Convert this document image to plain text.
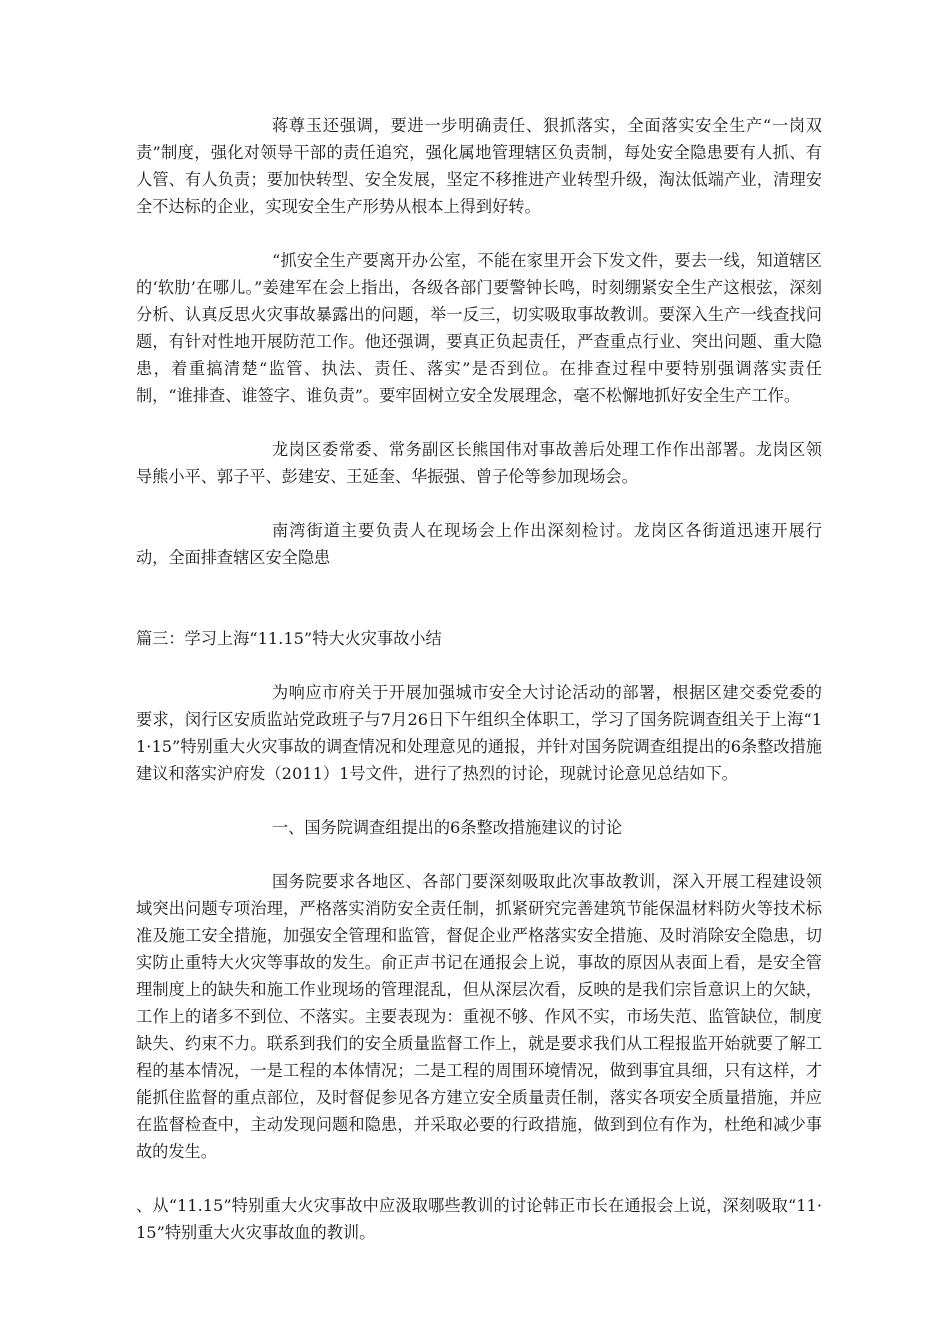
蒋尊玉还强调，要进一步明确责任、狠抓落实，全面落实安全生产“一岗双责”制度，强化对领导干部的责任追究，强化属地管理辖区负责制，每处安全隐患要有人抓、有人管、有人负责；要加快转型、安全发展，坚定不移推进产业转型升级，淘汰低端产业，清理安全不达标的企业，实现安全生产形势从根本上得到好转。

“抓安全生产要离开办公室，不能在家里开会下发文件，要去一线，知道辖区的‘软肋’在哪儿。”姜建军在会上指出，各级各部门要警钟长鸣，时刻绷紧安全生产这根弦，深刻分析、认真反思火灾事故暴露出的问题，举一反三，切实吸取事故教训。要深入生产一线查找问题，有针对性地开展防范工作。他还强调，要真正负起责任，严查重点行业、突出问题、重大隐患，着重搞清楚“监管、执法、责任、落实”是否到位。在排查过程中要特别强调落实责任制，“谁排查、谁签字、谁负责”。要牢固树立安全发展理念，毫不松懈地抓好安全生产工作。

龙岗区委常委、常务副区长熊国伟对事故善后处理工作作出部署。龙岗区领导熊小平、郭子平、彭建安、王延奎、华振强、曾子伦等参加现场会。

南湾街道主要负责人在现场会上作出深刻检讨。龙岗区各街道迅速开展行动，全面排查辖区安全隐患

篇三：学习上海“11.15”特大火灾事故小结

为响应市府关于开展加强城市安全大讨论活动的部署，根据区建交委党委的要求，闵行区安质监站党政班子与7月26日下午组织全体职工，学习了国务院调查组关于上海“11·15”特别重大火灾事故的调查情况和处理意见的通报，并针对国务院调查组提出的6条整改措施建议和落实沪府发（2011）1号文件，进行了热烈的讨论，现就讨论意见总结如下。

一、国务院调查组提出的6条整改措施建议的讨论

国务院要求各地区、各部门要深刻吸取此次事故教训，深入开展工程建设领域突出问题专项治理，严格落实消防安全责任制，抓紧研究完善建筑节能保温材料防火等技术标准及施工安全措施，加强安全管理和监管，督促企业严格落实安全措施、及时消除安全隐患，切实防止重特大火灾等事故的发生。俞正声书记在通报会上说，事故的原因从表面上看，是安全管理制度上的缺失和施工作业现场的管理混乱，但从深层次看，反映的是我们宗旨意识上的欠缺，工作上的诸多不到位、不落实。主要表现为：重视不够、作风不实，市场失范、监管缺位，制度缺失、约束不力。联系到我们的安全质量监督工作上，就是要求我们从工程报监开始就要了解工程的基本情况，一是工程的本体情况；二是工程的周围环境情况，做到事宜具细，只有这样，才能抓住监督的重点部位，及时督促参见各方建立安全质量责任制，落实各项安全质量措施，并应在监督检查中，主动发现问题和隐患，并采取必要的行政措施，做到到位有作为，杜绝和减少事故的发生。

、从“11.15”特别重大火灾事故中应汲取哪些教训的讨论韩正市长在通报会上说，深刻吸取“11·15”特别重大火灾事故血的教训。
